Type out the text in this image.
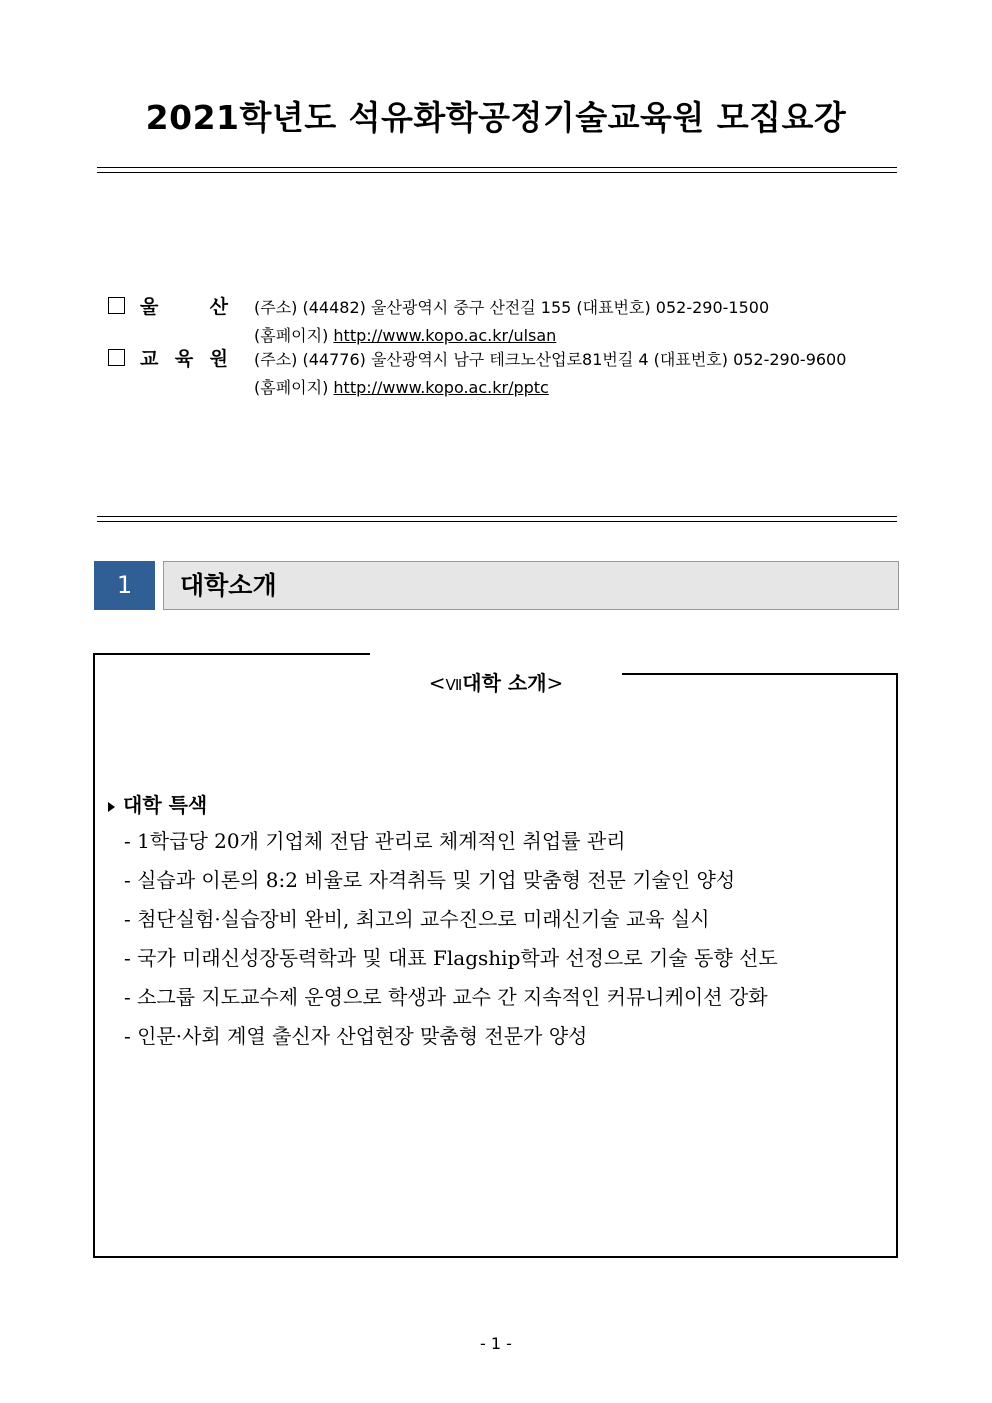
2021학년도 석유화학공정기술교육원 모집요강
울 산 (주소) (44482) 울산광역시 중구 산전길 155 (대표번호) 052-290-1500
(홈페이지) http://www.kopo.ac.kr/ulsan
교 육 원 (주소) (44776) 울산광역시 남구 테크노산업로81번길 4 (대표번호) 052-290-9600
(홈페이지) http://www.kopo.ac.kr/pptc
1	대학소개
<Ⅶ대학 소개>
대학 특색
- 1학급당 20개 기업체 전담 관리로 체계적인 취업률 관리
- 실습과 이론의 8:2 비율로 자격취득 및 기업 맞춤형 전문 기술인 양성
- 첨단실험·실습장비 완비, 최고의 교수진으로 미래신기술 교육 실시
- 국가 미래신성장동력학과 및 대표 Flagship학과 선정으로 기술 동향 선도
- 소그룹 지도교수제 운영으로 학생과 교수 간 지속적인 커뮤니케이션 강화
- 인문·사회 계열 출신자 산업현장 맞춤형 전문가 양성
- 1 -
